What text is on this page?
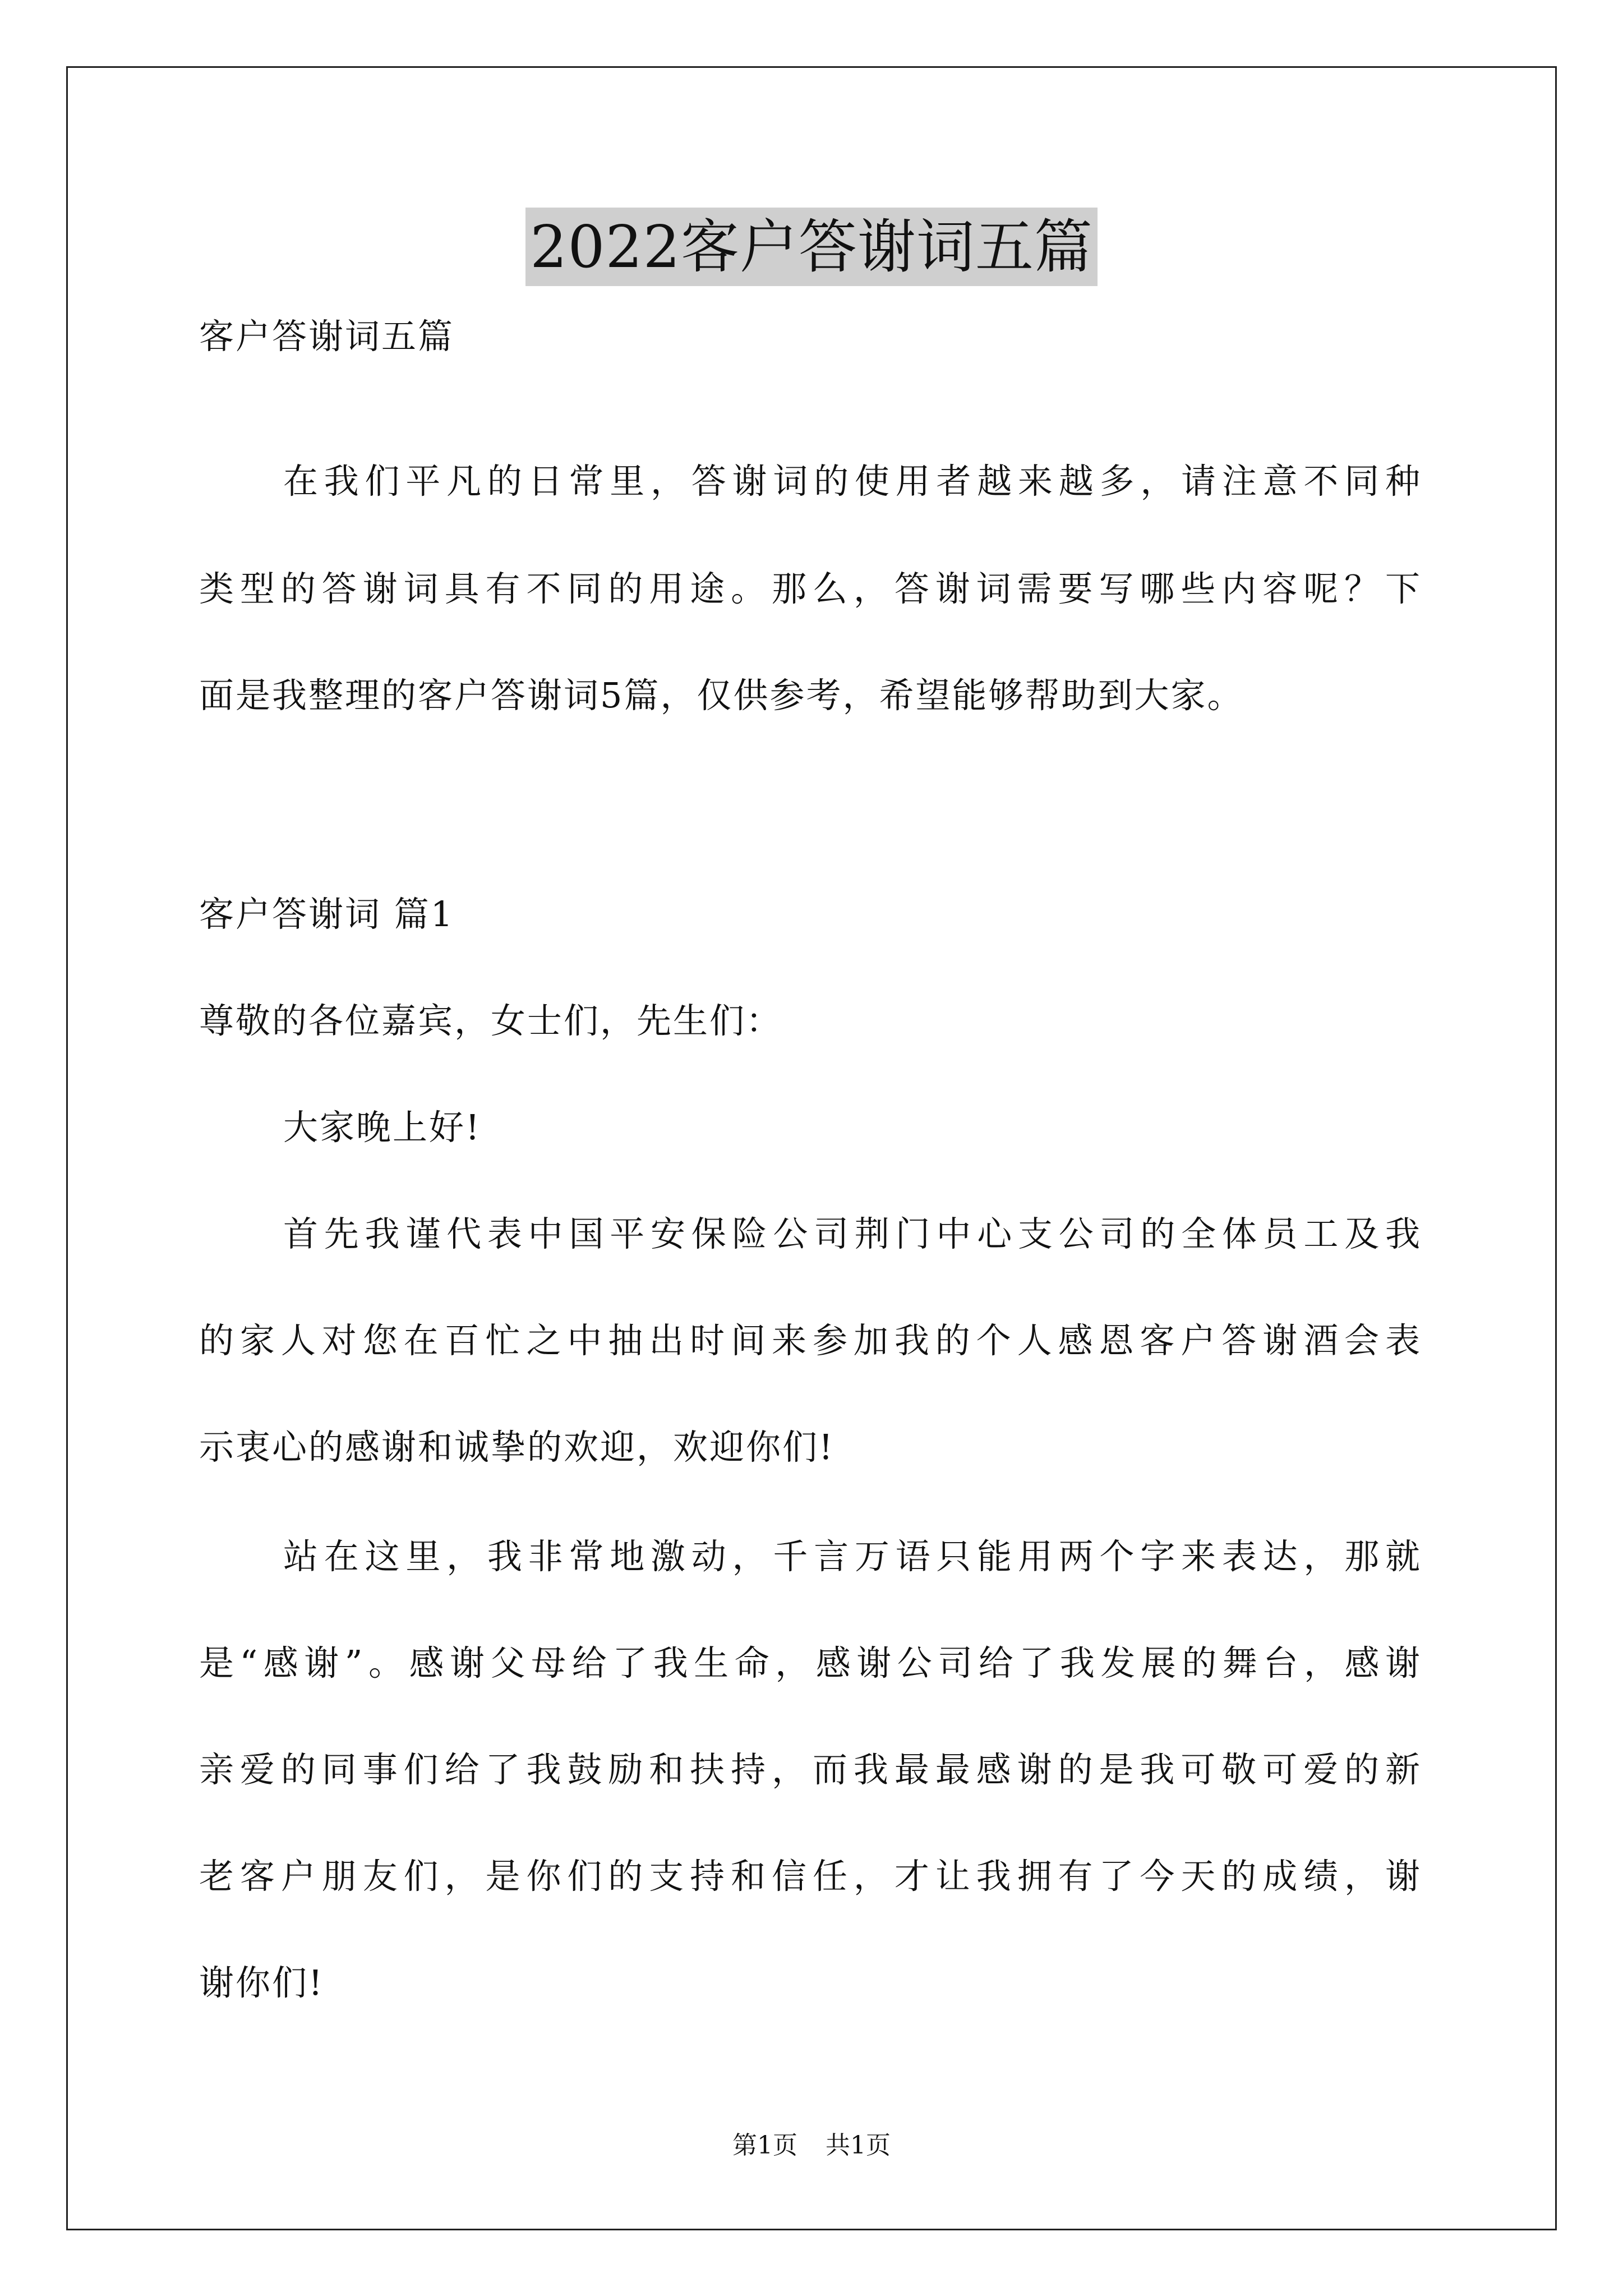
2022客户答谢词五篇
客户答谢词五篇
在我们平凡的日常里，答谢词的使用者越来越多，请注意不同种
类型的答谢词具有不同的用途。那么，答谢词需要写哪些内容呢？下
面是我整理的客户答谢词5篇，仅供参考，希望能够帮助到大家。
客户答谢词 篇1
尊敬的各位嘉宾，女士们，先生们：
大家晚上好!
首先我谨代表中国平安保险公司荆门中心支公司的全体员工及我
的家人对您在百忙之中抽出时间来参加我的个人感恩客户答谢酒会表
示衷心的感谢和诚挚的欢迎，欢迎你们!
站在这里，我非常地激动，千言万语只能用两个字来表达，那就
是“感谢”。感谢父母给了我生命，感谢公司给了我发展的舞台，感谢
亲爱的同事们给了我鼓励和扶持，而我最最感谢的是我可敬可爱的新
老客户朋友们，是你们的支持和信任，才让我拥有了今天的成绩，谢
谢你们!
第1页 共1页
